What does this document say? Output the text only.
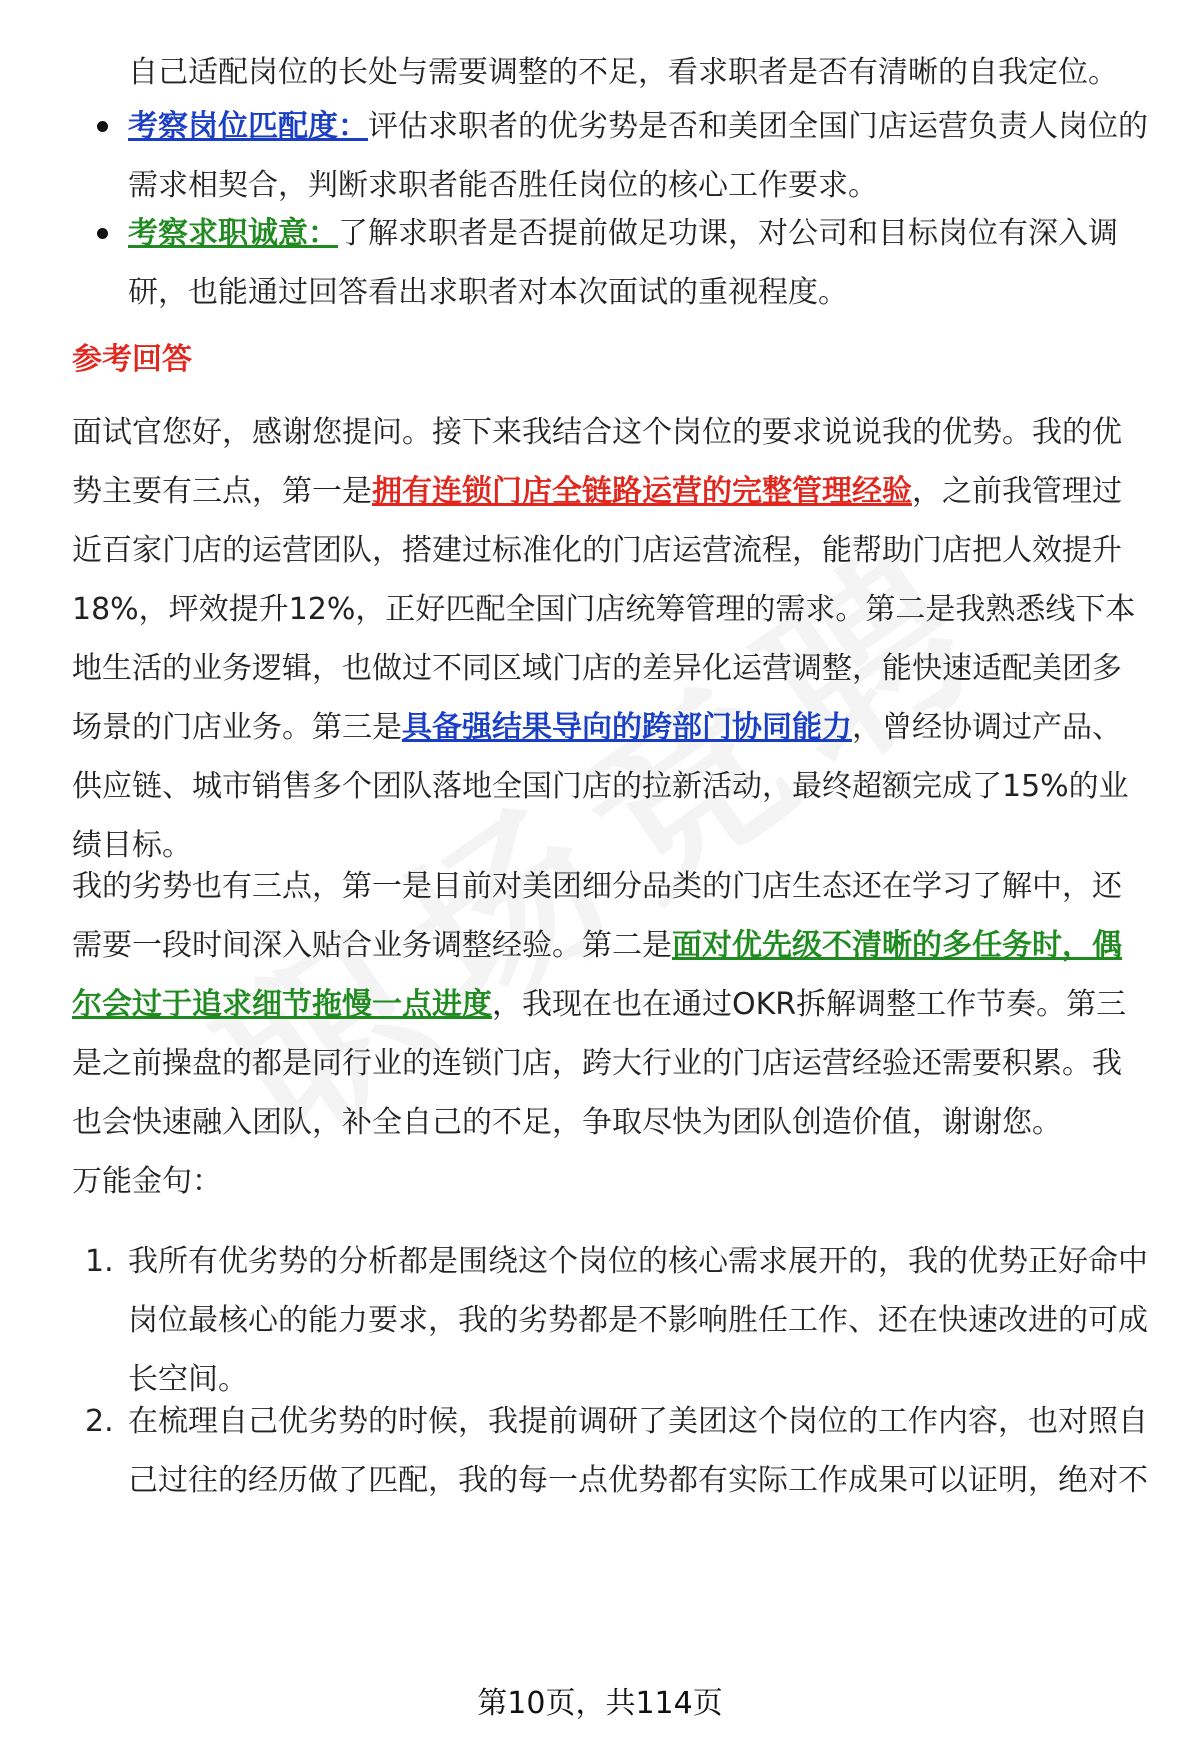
自己适配岗位的长处与需要调整的不足，看求职者是否有清晰的自我定位。

考察岗位匹配度：评估求职者的优劣势是否和美团全国门店运营负责人岗位的
需求相契合，判断求职者能否胜任岗位的核心工作要求。

考察求职诚意：了解求职者是否提前做足功课，对公司和目标岗位有深入调
研，也能通过回答看出求职者对本次面试的重视程度。

参考回答

面试官您好，感谢您提问。接下来我结合这个岗位的要求说说我的优势。我的优势主要有三点，第一是拥有连锁门店全链路运营的完整管理经验，之前我管理过近百家门店的运营团队，搭建过标准化的门店运营流程，能帮助门店把人效提升18%，坪效提升12%，正好匹配全国门店统筹管理的需求。第二是我熟悉线下本地生活的业务逻辑，也做过不同区域门店的差异化运营调整，能快速适配美团多场景的门店业务。第三是具备强结果导向的跨部门协同能力，曾经协调过产品、供应链、城市销售多个团队落地全国门店的拉新活动，最终超额完成了15%的业绩目标。

我的劣势也有三点，第一是目前对美团细分品类的门店生态还在学习了解中，还需要一段时间深入贴合业务调整经验。第二是面对优先级不清晰的多任务时，偶尔会过于追求细节拖慢一点进度，我现在也在通过OKR拆解调整工作节奏。第三是之前操盘的都是同行业的连锁门店，跨大行业的门店运营经验还需要积累。我也会快速融入团队，补全自己的不足，争取尽快为团队创造价值，谢谢您。

万能金句：

1. 我所有优劣势的分析都是围绕这个岗位的核心需求展开的，我的优势正好命中岗位最核心的能力要求，我的劣势都是不影响胜任工作、还在快速改进的可成长空间。

2. 在梳理自己优劣势的时候，我提前调研了美团这个岗位的工作内容，也对照自己过往的经历做了匹配，我的每一点优势都有实际工作成果可以证明，绝对不

第10页，共114页
